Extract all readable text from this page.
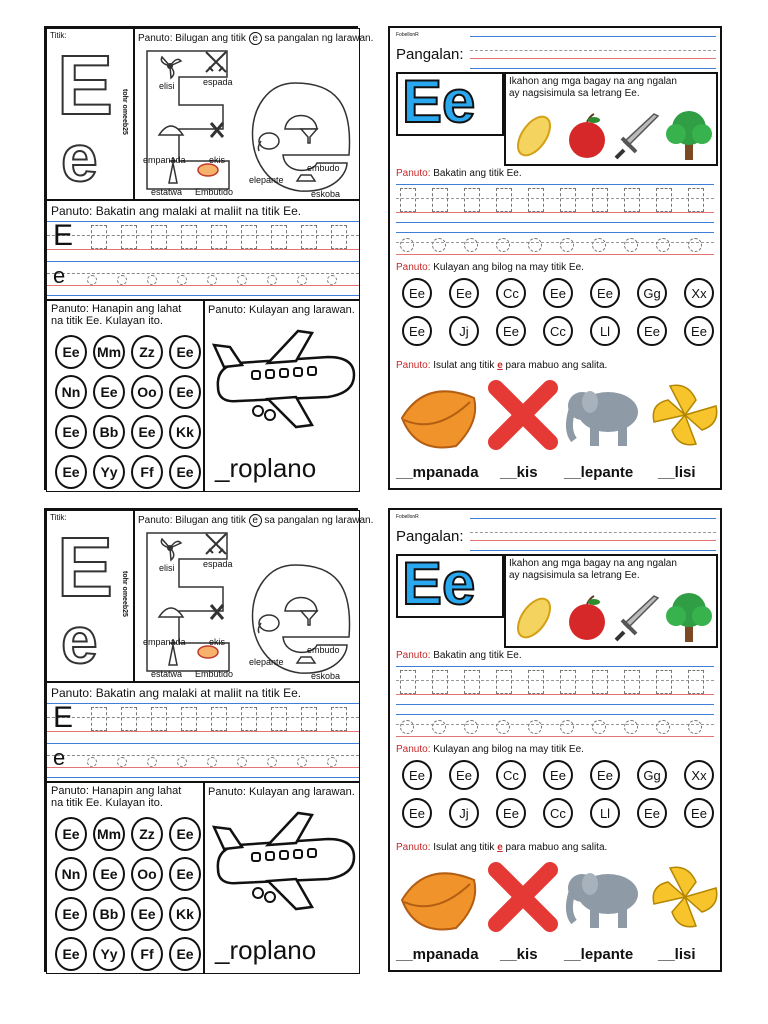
Titik:
E
e
tohr omeeb25
Panuto: Bilugan ang titik e sa pangalan ng larawan.
elisi	espada
empanada	ekis
estatwa Embutido
elepante
embudo
eskoba
Panuto: Bakatin ang malaki at maliit na titik Ee.
E
e
Panuto: Hanapin ang lahat
na titik Ee. Kulayan ito.
Ee	Mm	Zz	Ee
Nn	Ee	Oo	Ee
Ee	Bb	Ee	Kk
Ee	Yy	Ff	Ee
Panuto: Kulayan ang larawan.
_roplano
FobellonR
Pangalan:
Ee	Ikahon ang mga bagay na ang ngalan
ay nagsisimula sa letrang Ee.
Panuto: Bakatin ang titik Ee.
Panuto: Kulayan ang bilog na may titik Ee.
Ee	Ee	Cc	Ee	Ee	Gg	Xx
Ee	Jj	Ee	Cc	Ll	Ee	Ee
Panuto: Isulat ang titik e para mabuo ang salita.
__mpanada __kis __lepante __lisi
Titik:
E
e
tohr omeeb25
Panuto: Bilugan ang titik e sa pangalan ng larawan.
elisi	espada
empanada	ekis
estatwa Embutido
elepante
embudo
eskoba
Panuto: Bakatin ang malaki at maliit na titik Ee.
E
e
Panuto: Hanapin ang lahat
na titik Ee. Kulayan ito.
Ee	Mm	Zz	Ee
Nn	Ee	Oo	Ee
Ee	Bb	Ee	Kk
Ee	Yy	Ff	Ee
Panuto: Kulayan ang larawan.
_roplano
FobellonR
Pangalan:
Ee	Ikahon ang mga bagay na ang ngalan
ay nagsisimula sa letrang Ee.
Panuto: Bakatin ang titik Ee.
Panuto: Kulayan ang bilog na may titik Ee.
Ee	Ee	Cc	Ee	Ee	Gg	Xx
Ee	Jj	Ee	Cc	Ll	Ee	Ee
Panuto: Isulat ang titik e para mabuo ang salita.
__mpanada __kis __lepante __lisi
